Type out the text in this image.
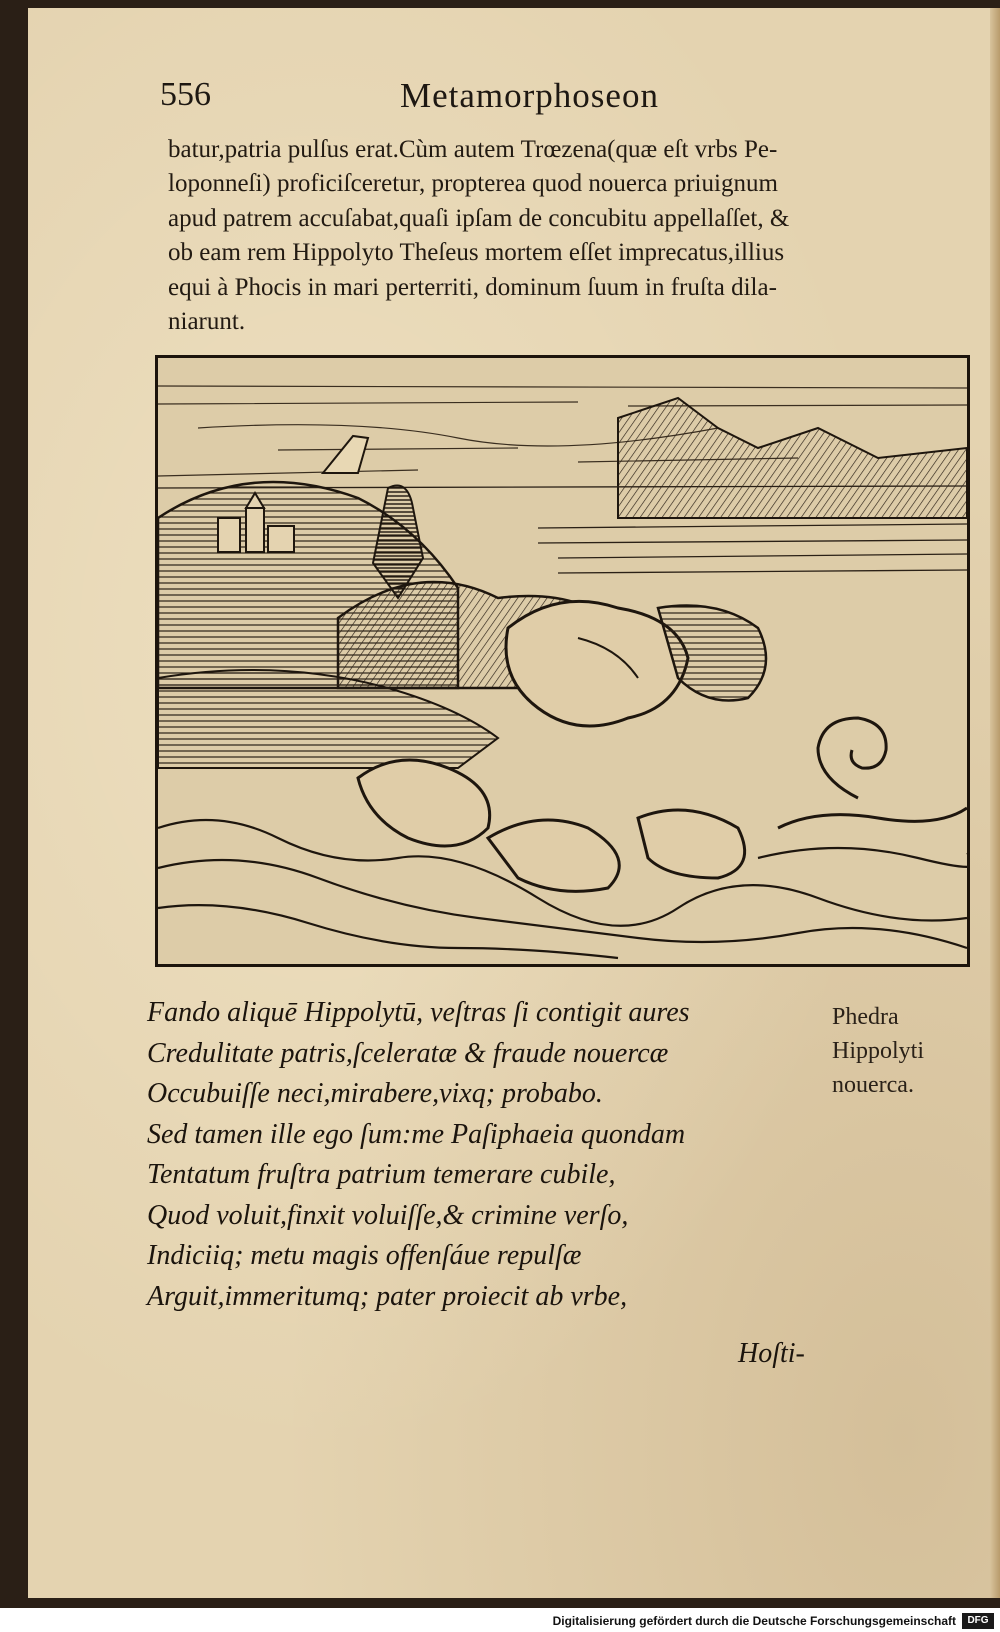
556	Metamorphoseon
batur,patria pulſus erat.Cùm autem Trœzena(quæ eſt vrbs Pe-
loponneſi) proficiſceretur, propterea quod nouerca priuignum
apud patrem accuſabat,quaſi ipſam de concubitu appellaſſet, &
ob eam rem Hippolyto Theſeus mortem eſſet imprecatus,illius
equi à Phocis in mari perterriti, dominum ſuum in fruſta dila-
niarunt.
Fando aliquē Hippolytū, veſtras ſi contigit aures
Credulitate patris,ſceleratæ & fraude nouercæ
Occubuiſſe neci,mirabere,vixq; probabo.
Sed tamen ille ego ſum:me Paſiphaeia quondam
Tentatum fruſtra patrium temerare cubile,
Quod voluit,finxit voluiſſe,& crimine verſo,
Indiciiq; metu magis offenſáue repulſæ
Arguit,immeritumq; pater proiecit ab vrbe,
Phedra
Hippolyti
nouerca.
Hoſti-
Digitalisierung gefördert durch die Deutsche Forschungsgemeinschaft	DFG
